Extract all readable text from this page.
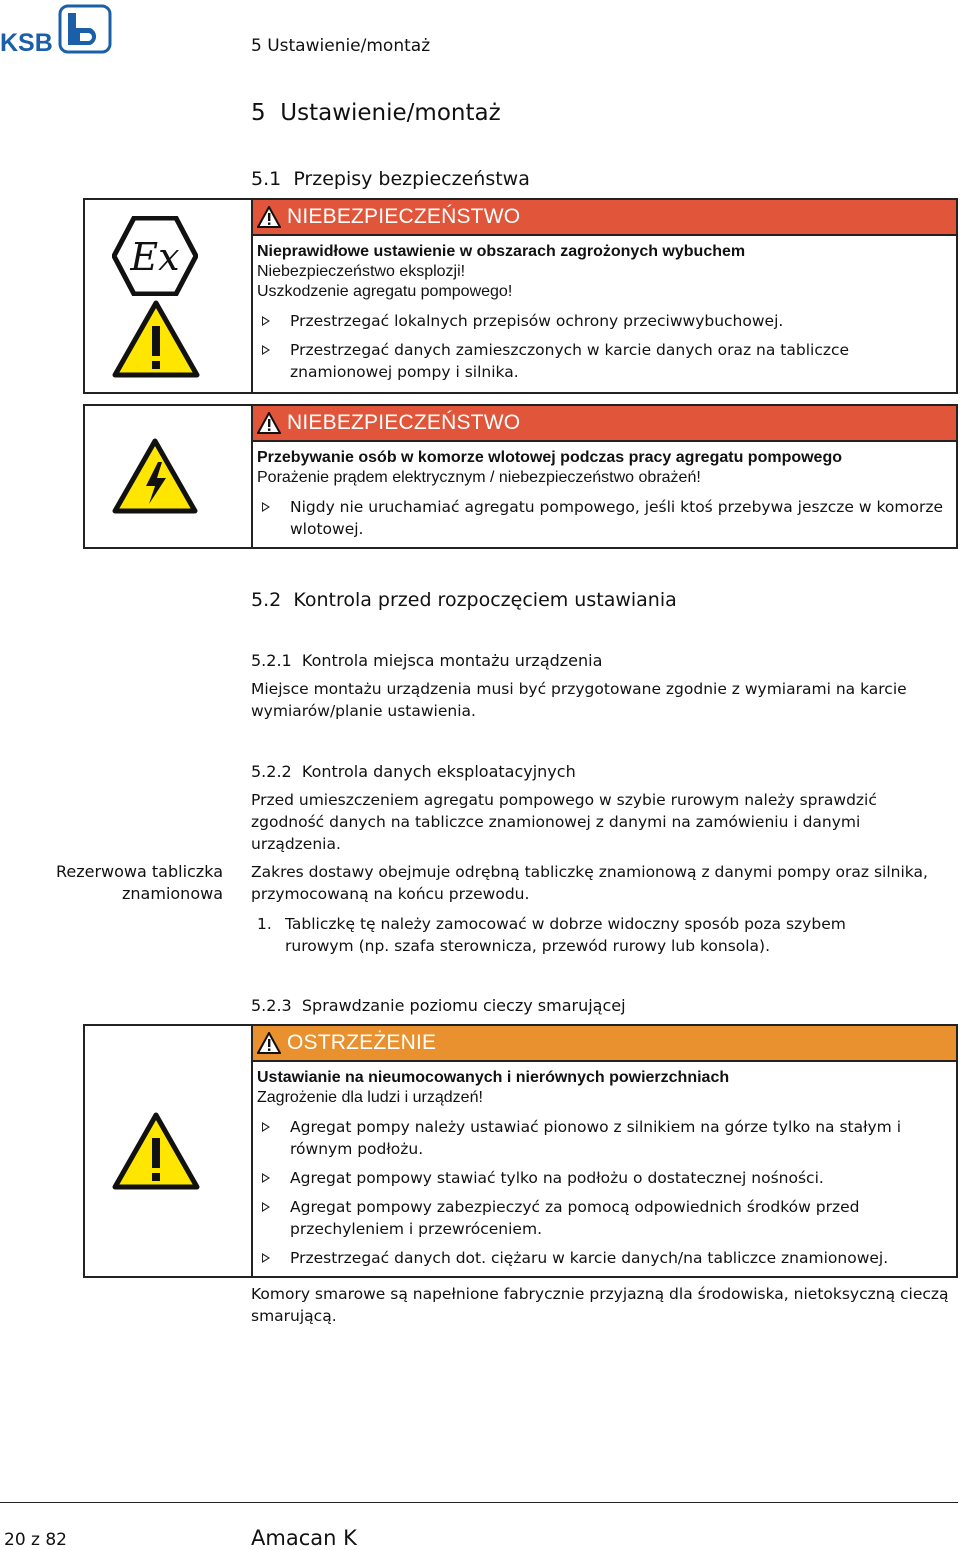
KSB	5 Ustawienie/montaż
5 Ustawienie/montaż
5.1 Przepisy bezpieczeństwa
Ex
NIEBEZPIECZEŃSTWO
Nieprawidłowe ustawienie w obszarach zagrożonych wybuchem
Niebezpieczeństwo eksplozji!
Uszkodzenie agregatu pompowego!
Przestrzegać lokalnych przepisów ochrony przeciwwybuchowej.
Przestrzegać danych zamieszczonych w karcie danych oraz na tabliczce znamionowej pompy i silnika.
NIEBEZPIECZEŃSTWO
Przebywanie osób w komorze wlotowej podczas pracy agregatu pompowego
Porażenie prądem elektrycznym / niebezpieczeństwo obrażeń!
Nigdy nie uruchamiać agregatu pompowego, jeśli ktoś przebywa jeszcze w komorze wlotowej.
5.2 Kontrola przed rozpoczęciem ustawiania
5.2.1 Kontrola miejsca montażu urządzenia
Miejsce montażu urządzenia musi być przygotowane zgodnie z wymiarami na karcie wymiarów/planie ustawienia.
5.2.2 Kontrola danych eksploatacyjnych
Przed umieszczeniem agregatu pompowego w szybie rurowym należy sprawdzić zgodność danych na tabliczce znamionowej z danymi na zamówieniu i danymi urządzenia.
Rezerwowa tabliczka znamionowa
Zakres dostawy obejmuje odrębną tabliczkę znamionową z danymi pompy oraz silnika, przymocowaną na końcu przewodu.
1. Tabliczkę tę należy zamocować w dobrze widoczny sposób poza szybem rurowym (np. szafa sterownicza, przewód rurowy lub konsola).
5.2.3 Sprawdzanie poziomu cieczy smarującej
OSTRZEŻENIE
Ustawianie na nieumocowanych i nierównych powierzchniach
Zagrożenie dla ludzi i urządzeń!
Agregat pompy należy ustawiać pionowo z silnikiem na górze tylko na stałym i równym podłożu.
Agregat pompowy stawiać tylko na podłożu o dostatecznej nośności.
Agregat pompowy zabezpieczyć za pomocą odpowiednich środków przed przechyleniem i przewróceniem.
Przestrzegać danych dot. ciężaru w karcie danych/na tabliczce znamionowej.
Komory smarowe są napełnione fabrycznie przyjazną dla środowiska, nietoksyczną cieczą smarującą.
20 z 82	Amacan K
